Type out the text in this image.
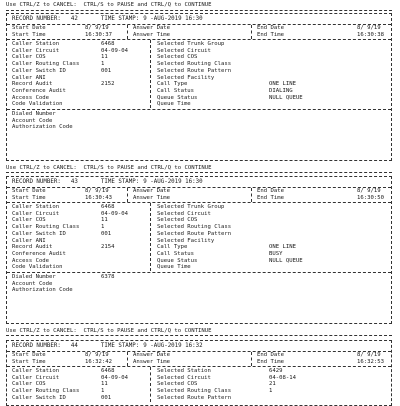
Use CTRL/Z to CANCEL:  CTRL/S to PAUSE and CTRL/Q to CONTINUE
RECORD NUMBER: 42	TIME STAMP: 9 -AUG-2019 16:30
Start Date	8/ 9/19
Start Time	16:30:37
Answer Date
Answer Time
End Date	8/ 9/19
End Time	16:30:38
Caller Station	6468	Selected Trunk Group
Caller Circuit	04-09-04	Selected Circuit
Caller COS	11	Selected COS
Caller Routing Class	1	Selected Routing Class
Caller Switch ID	001	Selected Route Pattern
Caller ANI	Selected Facility
Record Audit	2152	Call Type	ONE LINE
Conference Audit	Call Status	DIALING
Access Code	Queue Status	NULL QUEUE
Code Validation	Queue Time
Dialed Number
Account Code
Authorization Code
Use CTRL/Z to CANCEL:  CTRL/S to PAUSE and CTRL/Q to CONTINUE
RECORD NUMBER: 43	TIME STAMP: 9 -AUG-2019 16:30
Start Date	8/ 9/19
Start Time	16:30:43
Answer Date
Answer Time
End Date	8/ 9/19
End Time	16:30:50
Caller Station	6468	Selected Trunk Group
Caller Circuit	04-09-04	Selected Circuit
Caller COS	11	Selected COS
Caller Routing Class	1	Selected Routing Class
Caller Switch ID	001	Selected Route Pattern
Caller ANI	Selected Facility
Record Audit	2154	Call Type	ONE LINE
Conference Audit	Call Status	BUSY
Access Code	Queue Status	NULL QUEUE
Code Validation	Queue Time
Dialed Number	6378
Account Code
Authorization Code
Use CTRL/Z to CANCEL:  CTRL/S to PAUSE and CTRL/Q to CONTINUE
RECORD NUMBER: 44	TIME STAMP: 9 -AUG-2019 16:32
Start Date	8/ 9/19
Start Time	16:32:42
Answer Date
Answer Time
End Date	8/ 9/19
End Time	16:32:53
Caller Station	6468	Selected Station	6429
Caller Circuit	04-09-04	Selected Circuit	04-08-14
Caller COS	11	Selected COS	21
Caller Routing Class	1	Selected Routing Class	1
Caller Switch ID	001	Selected Route Pattern
